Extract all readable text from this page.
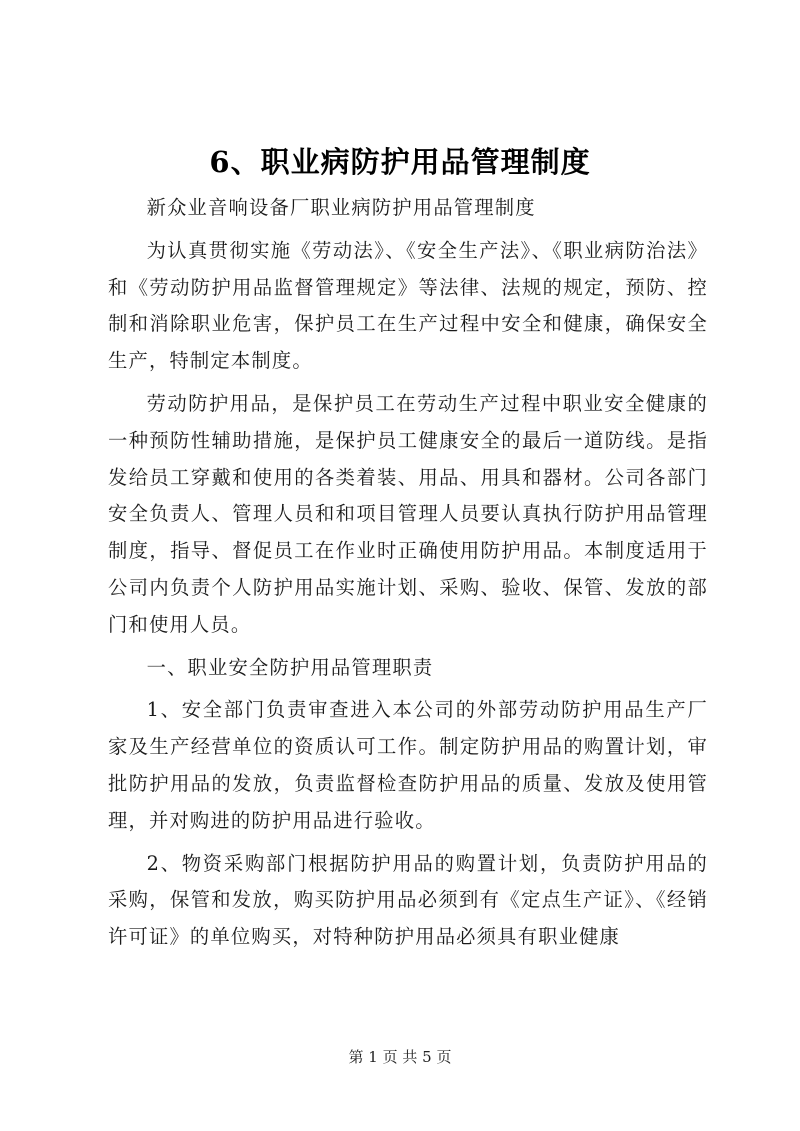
6、职业病防护用品管理制度

新众业音响设备厂职业病防护用品管理制度

为认真贯彻实施《劳动法》、《安全生产法》、《职业病防治法》和《劳动防护用品监督管理规定》等法律、法规的规定，预防、控制和消除职业危害，保护员工在生产过程中安全和健康，确保安全生产，特制定本制度。

劳动防护用品，是保护员工在劳动生产过程中职业安全健康的一种预防性辅助措施，是保护员工健康安全的最后一道防线。是指发给员工穿戴和使用的各类着装、用品、用具和器材。公司各部门安全负责人、管理人员和和项目管理人员要认真执行防护用品管理制度，指导、督促员工在作业时正确使用防护用品。本制度适用于公司内负责个人防护用品实施计划、采购、验收、保管、发放的部门和使用人员。

一、职业安全防护用品管理职责

1、安全部门负责审查进入本公司的外部劳动防护用品生产厂家及生产经营单位的资质认可工作。制定防护用品的购置计划，审批防护用品的发放，负责监督检查防护用品的质量、发放及使用管理，并对购进的防护用品进行验收。

2、物资采购部门根据防护用品的购置计划，负责防护用品的采购，保管和发放，购买防护用品必须到有《定点生产证》、《经销许可证》的单位购买，对特种防护用品必须具有职业健康

第 1 页 共 5 页
